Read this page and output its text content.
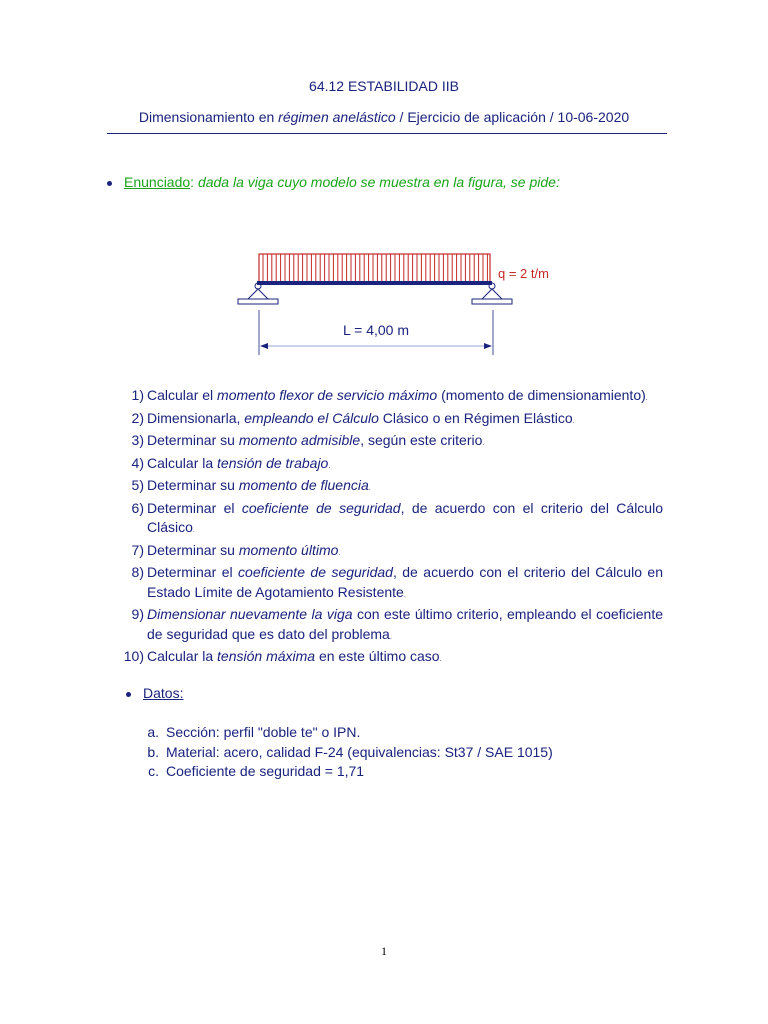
64.12 ESTABILIDAD IIB
Dimensionamiento en régimen anelástico / Ejercicio de aplicación / 10-06-2020
Enunciado: dada la viga cuyo modelo se muestra en la figura, se pide:
q = 2 t/m
L = 4,00 m
1) Calcular el momento flexor de servicio máximo (momento de dimensionamiento).
2) Dimensionarla, empleando el Cálculo Clásico o en Régimen Elástico.
3) Determinar su momento admisible, según este criterio.
4) Calcular la tensión de trabajo.
5) Determinar su momento de fluencia.
6) Determinar el coeficiente de seguridad, de acuerdo con el criterio del Cálculo Clásico.
7) Determinar su momento último.
8) Determinar el coeficiente de seguridad, de acuerdo con el criterio del Cálculo en Estado Límite de Agotamiento Resistente.
9) Dimensionar nuevamente la viga con este último criterio, empleando el coeficiente de seguridad que es dato del problema.
10) Calcular la tensión máxima en este último caso.
Datos:
a. Sección: perfil "doble te" o IPN.
b. Material: acero, calidad F-24 (equivalencias: St37 / SAE 1015)
c. Coeficiente de seguridad = 1,71
1
